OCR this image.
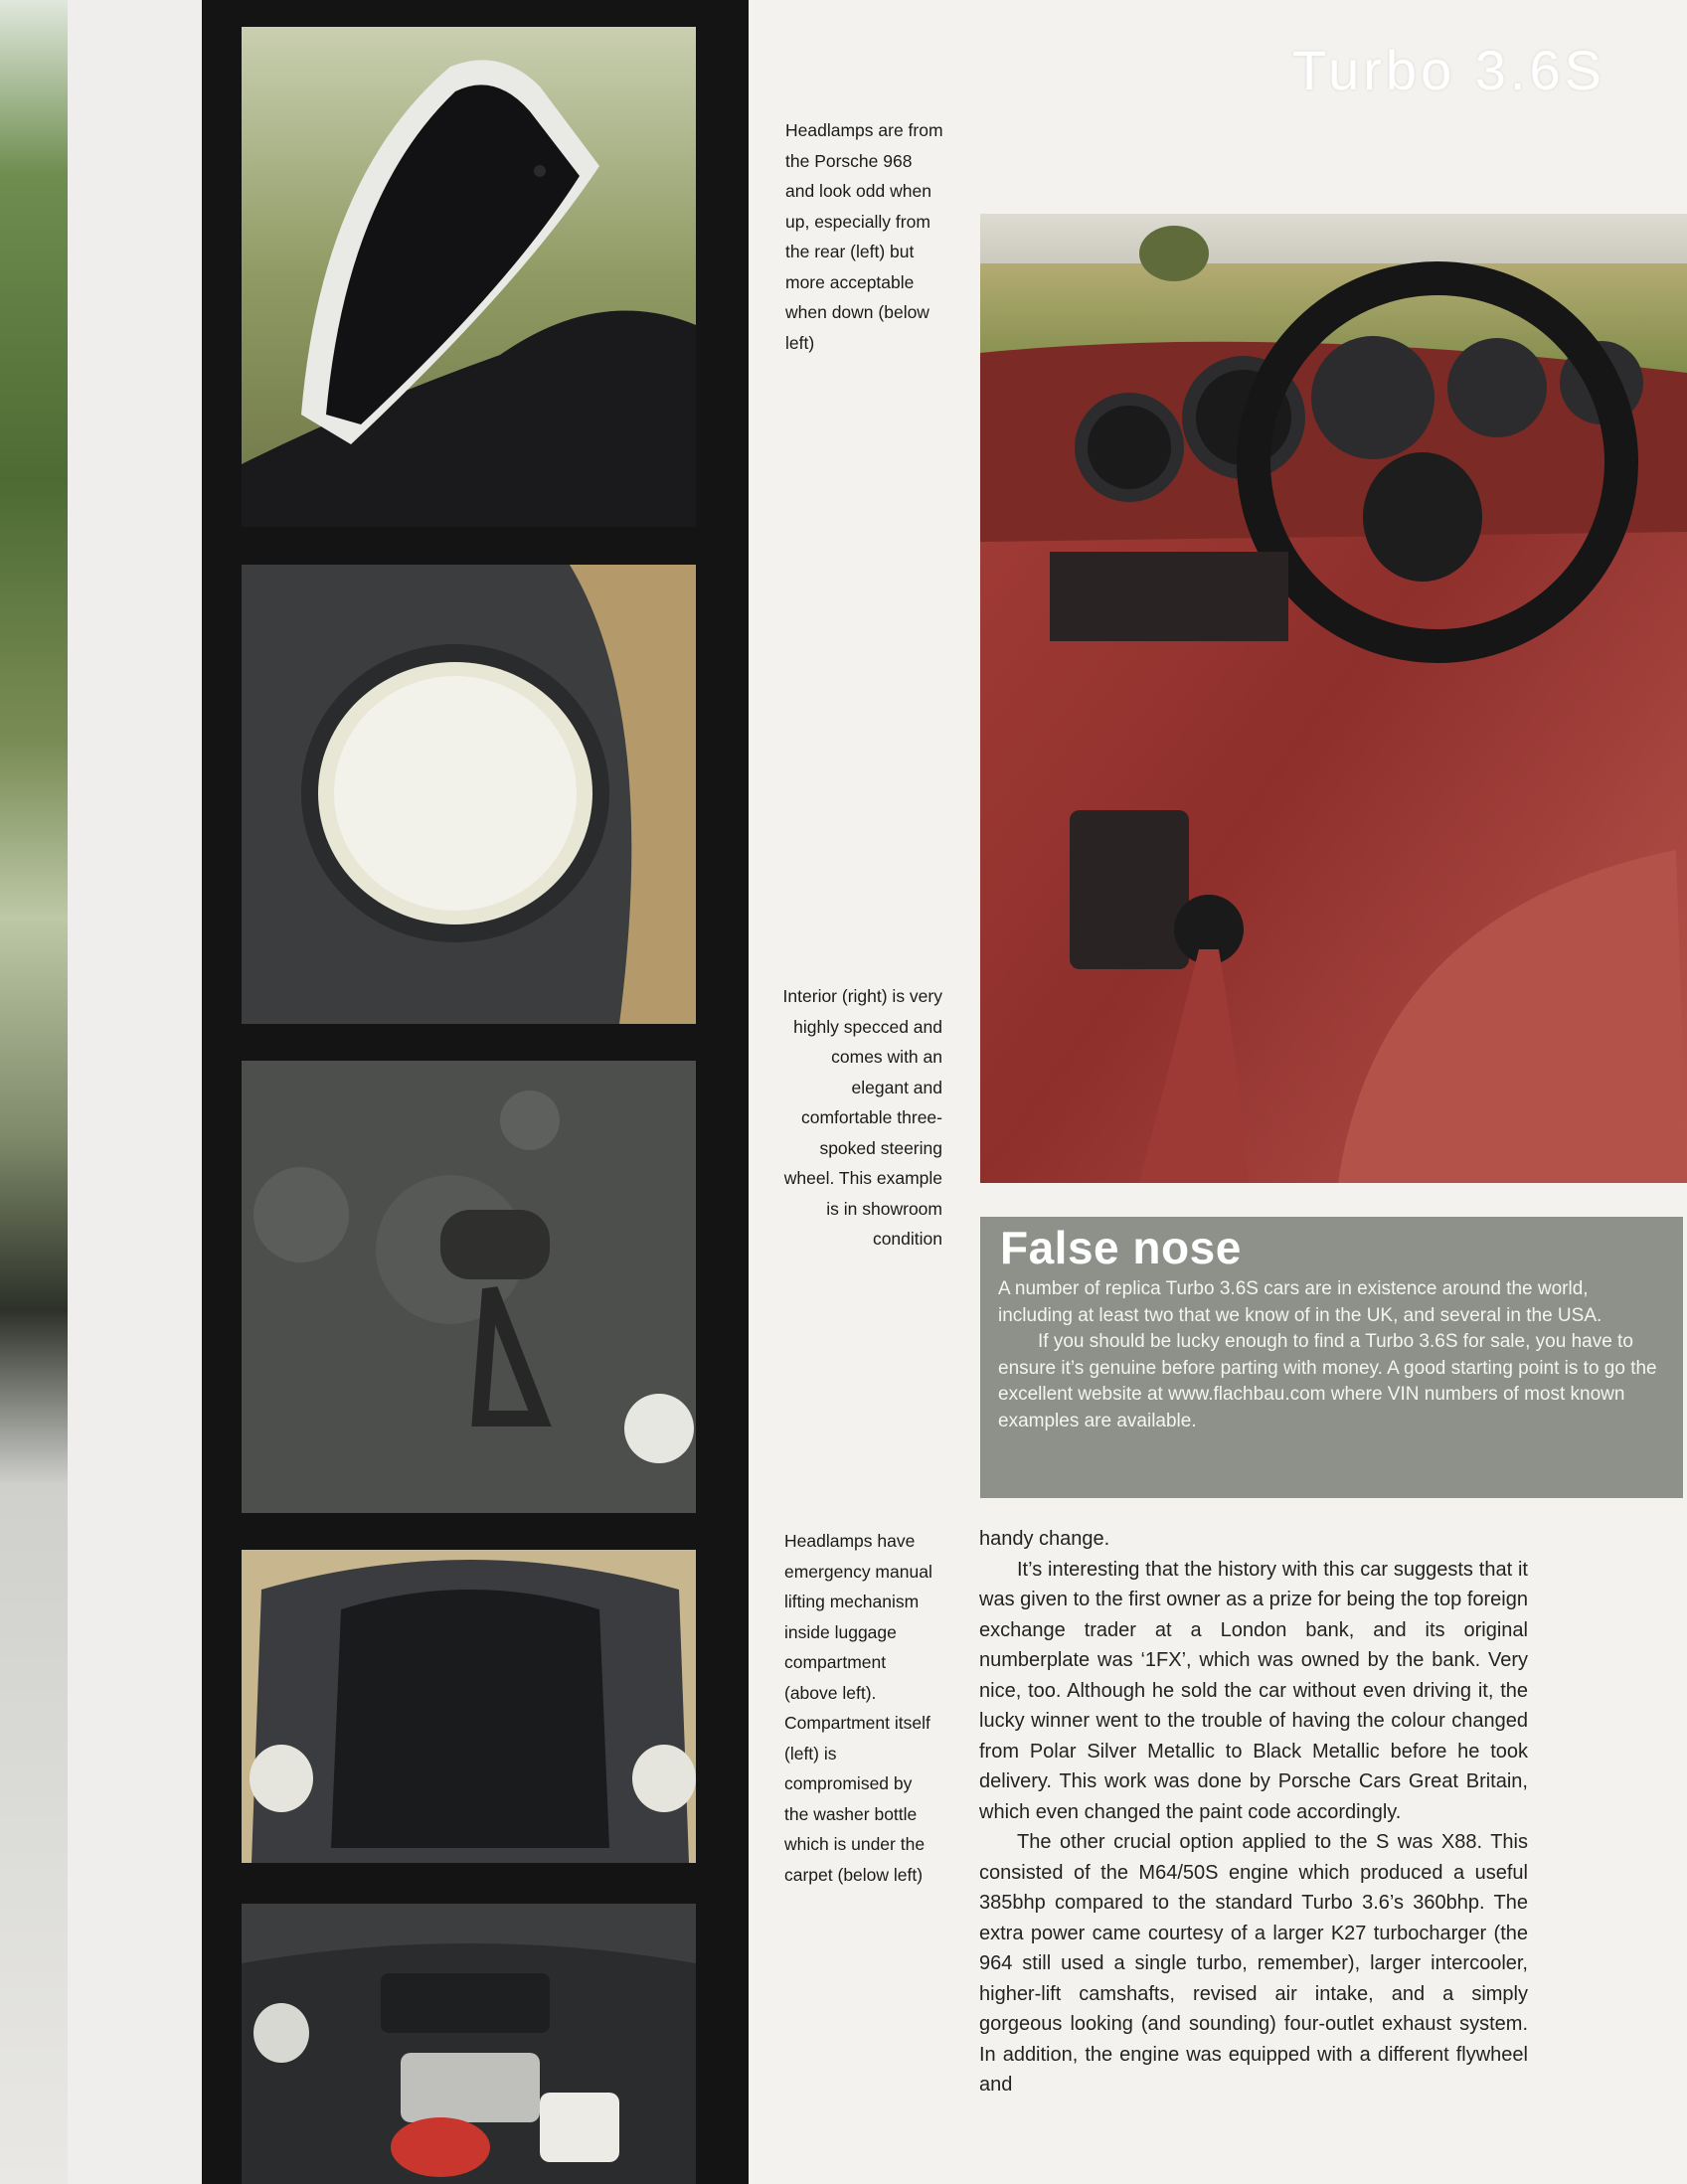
Headlamps are from the Porsche 968 and look odd when up, especially from the rear (left) but more acceptable when down (below left)
Interior (right) is very highly specced and comes with an elegant and comfortable three-spoked steering wheel. This example is in showroom condition
Headlamps have emergency manual lifting mechanism inside luggage compartment (above left). Compartment itself (left) is compromised by the washer bottle which is under the carpet (below left)
Turbo 3.6S
False nose

A number of replica Turbo 3.6S cars are in existence around the world, including at least two that we know of in the UK, and several in the USA.

If you should be lucky enough to find a Turbo 3.6S for sale, you have to ensure it’s genuine before parting with money. A good starting point is to go the excellent website at www.flachbau.com where VIN numbers of most known examples are available.

handy change.

It’s interesting that the history with this car suggests that it was given to the first owner as a prize for being the top foreign exchange trader at a London bank, and its original numberplate was ‘1FX’, which was owned by the bank. Very nice, too. Although he sold the car without even driving it, the lucky winner went to the trouble of having the colour changed from Polar Silver Metallic to Black Metallic before he took delivery. This work was done by Porsche Cars Great Britain, which even changed the paint code accordingly.

The other crucial option applied to the S was X88. This consisted of the M64/50S engine which produced a useful 385bhp compared to the standard Turbo 3.6’s 360bhp. The extra power came courtesy of a larger K27 turbocharger (the 964 still used a single turbo, remember), larger intercooler, higher-lift camshafts, revised air intake, and a simply gorgeous looking (and sounding) four-outlet exhaust system. In addition, the engine was equipped with a different flywheel and
